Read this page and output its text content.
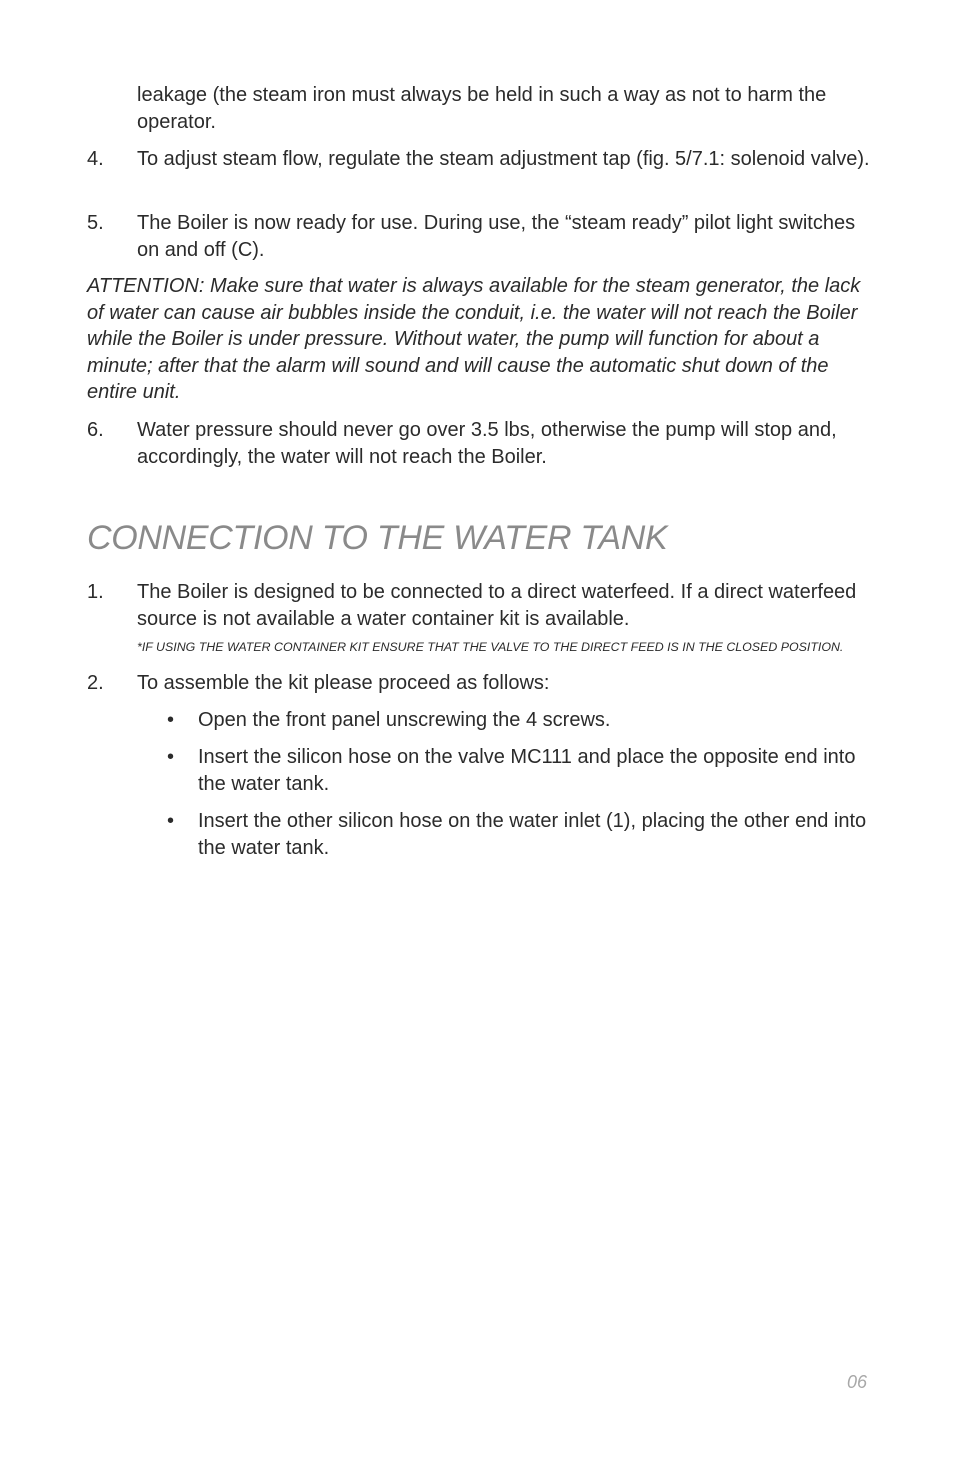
leakage (the steam iron must always be held in such a way as not to harm the operator.

4.	To adjust steam flow, regulate the steam adjustment tap (fig. 5/7.1: solenoid valve).
5.	The Boiler is now ready for use. During use, the “steam ready” pilot light switches on and off (C).

ATTENTION: Make sure that water is always available for the steam generator, the lack of water can cause air bubbles inside the conduit, i.e. the water will not reach the Boiler while the Boiler is under pressure. Without water, the pump will function for about a minute; after that the alarm will sound and will cause the automatic shut down of the entire unit.

6.	Water pressure should never go over 3.5 lbs, otherwise the pump will stop and, accordingly, the water will not reach the Boiler.
CONNECTION TO THE WATER TANK
1.	The Boiler is designed to be connected to a direct waterfeed. If a direct waterfeed source is not available a water container kit is available.
*IF USING THE WATER CONTAINER KIT ENSURE THAT THE VALVE TO THE DIRECT FEED IS IN THE CLOSED POSITION.
2.	To assemble the kit please proceed as follows:
•	Open the front panel unscrewing the 4 screws.
•	Insert the silicon hose on the valve MC111 and place the opposite end into the water tank.
•	Insert the other silicon hose on the water inlet (1), placing the other end into the water tank.
06
